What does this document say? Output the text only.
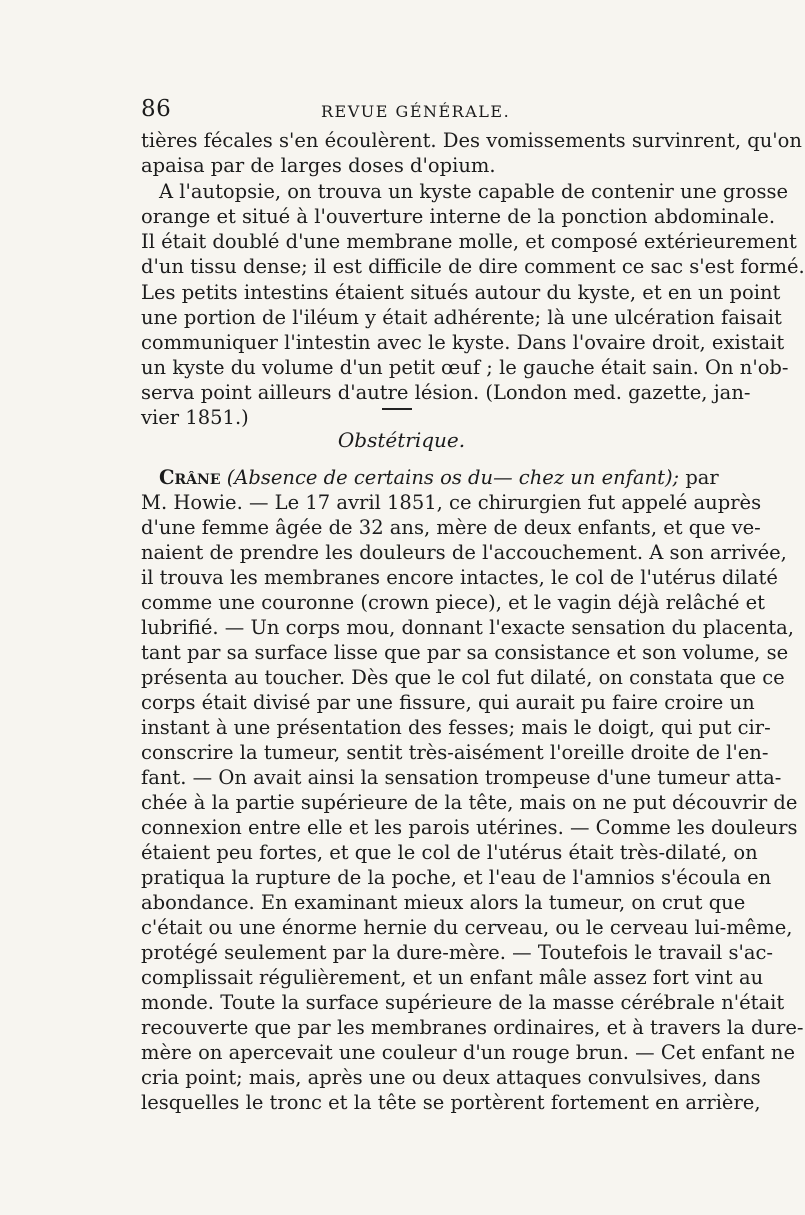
86	REVUE GÉNÉRALE.
tières fécales s'en écoulèrent. Des vomissements survinrent, qu'on
apaisa par de larges doses d'opium.
A l'autopsie, on trouva un kyste capable de contenir une grosse
orange et situé à l'ouverture interne de la ponction abdominale.
Il était doublé d'une membrane molle, et composé extérieurement
d'un tissu dense; il est difficile de dire comment ce sac s'est formé.
Les petits intestins étaient situés autour du kyste, et en un point
une portion de l'iléum y était adhérente; là une ulcération faisait
communiquer l'intestin avec le kyste. Dans l'ovaire droit, existait
un kyste du volume d'un petit œuf ; le gauche était sain. On n'ob-
serva point ailleurs d'autre lésion. (London med. gazette, jan-
vier 1851.)
Obstétrique.
Crâne (Absence de certains os du— chez un enfant); par
M. Howie. — Le 17 avril 1851, ce chirurgien fut appelé auprès
d'une femme âgée de 32 ans, mère de deux enfants, et que ve-
naient de prendre les douleurs de l'accouchement. A son arrivée,
il trouva les membranes encore intactes, le col de l'utérus dilaté
comme une couronne (crown piece), et le vagin déjà relâché et
lubrifié. — Un corps mou, donnant l'exacte sensation du placenta,
tant par sa surface lisse que par sa consistance et son volume, se
présenta au toucher. Dès que le col fut dilaté, on constata que ce
corps était divisé par une fissure, qui aurait pu faire croire un
instant à une présentation des fesses; mais le doigt, qui put cir-
conscrire la tumeur, sentit très-aisément l'oreille droite de l'en-
fant. — On avait ainsi la sensation trompeuse d'une tumeur atta-
chée à la partie supérieure de la tête, mais on ne put découvrir de
connexion entre elle et les parois utérines. — Comme les douleurs
étaient peu fortes, et que le col de l'utérus était très-dilaté, on
pratiqua la rupture de la poche, et l'eau de l'amnios s'écoula en
abondance. En examinant mieux alors la tumeur, on crut que
c'était ou une énorme hernie du cerveau, ou le cerveau lui-même,
protégé seulement par la dure-mère. — Toutefois le travail s'ac-
complissait régulièrement, et un enfant mâle assez fort vint au
monde. Toute la surface supérieure de la masse cérébrale n'était
recouverte que par les membranes ordinaires, et à travers la dure-
mère on apercevait une couleur d'un rouge brun. — Cet enfant ne
cria point; mais, après une ou deux attaques convulsives, dans
lesquelles le tronc et la tête se portèrent fortement en arrière,
